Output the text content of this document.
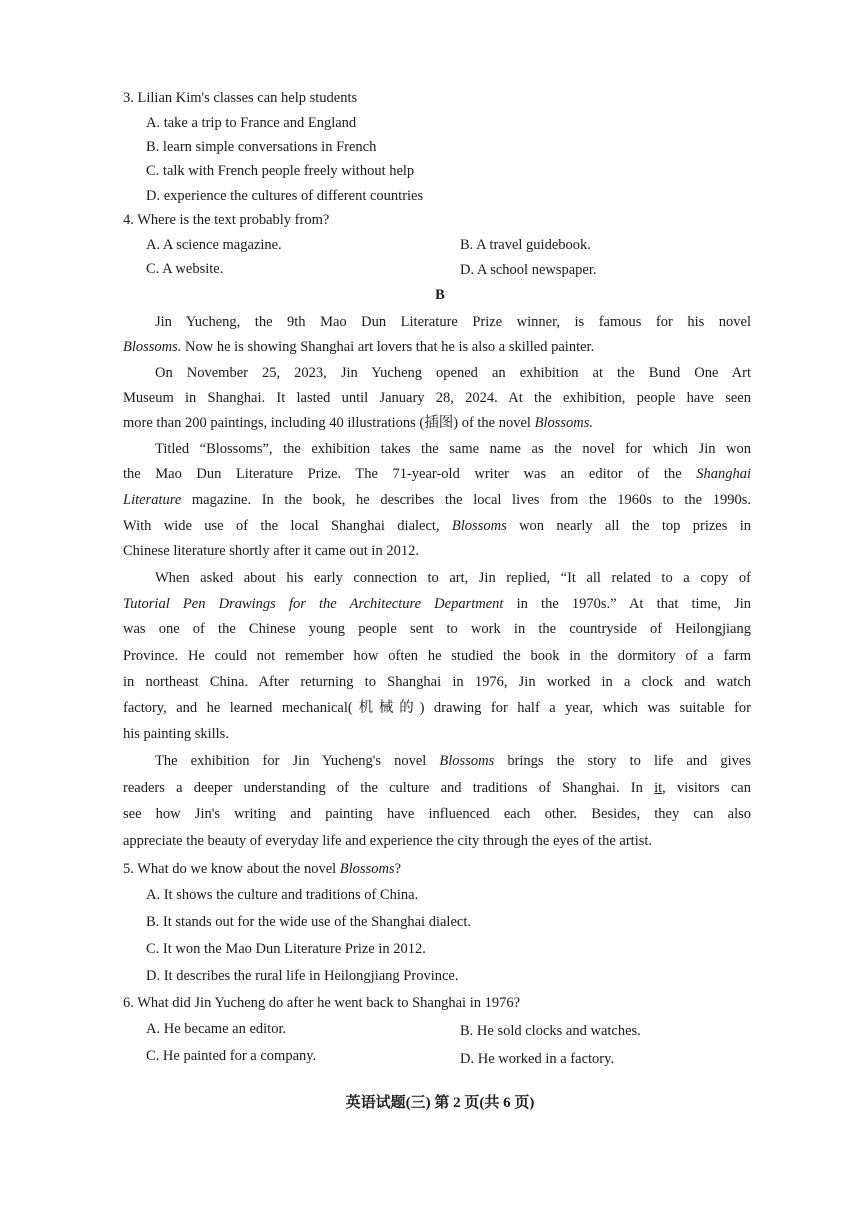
3. Lilian Kim's classes can help students
A. take a trip to France and England
B. learn simple conversations in French
C. talk with French people freely without help
D. experience the cultures of different countries
4. Where is the text probably from?
A. A science magazine.	B. A travel guidebook.
C. A website.	D. A school newspaper.
B
Jin Yucheng, the 9th Mao Dun Literature Prize winner, is famous for his novel
Blossoms. Now he is showing Shanghai art lovers that he is also a skilled painter.
On November 25, 2023, Jin Yucheng opened an exhibition at the Bund One Art
Museum in Shanghai. It lasted until January 28, 2024. At the exhibition, people have seen
more than 200 paintings, including 40 illustrations (插图) of the novel Blossoms.
Titled “Blossoms”, the exhibition takes the same name as the novel for which Jin won
the Mao Dun Literature Prize. The 71-year-old writer was an editor of the Shanghai
Literature magazine. In the book, he describes the local lives from the 1960s to the 1990s.
With wide use of the local Shanghai dialect, Blossoms won nearly all the top prizes in
Chinese literature shortly after it came out in 2012.
When asked about his early connection to art, Jin replied, “It all related to a copy of
Tutorial Pen Drawings for the Architecture Department in the 1970s.” At that time, Jin
was one of the Chinese young people sent to work in the countryside of Heilongjiang
Province. He could not remember how often he studied the book in the dormitory of a farm
in northeast China. After returning to Shanghai in 1976, Jin worked in a clock and watch
factory, and he learned mechanical(机械的) drawing for half a year, which was suitable for
his painting skills.
The exhibition for Jin Yucheng's novel Blossoms brings the story to life and gives
readers a deeper understanding of the culture and traditions of Shanghai. In it, visitors can
see how Jin's writing and painting have influenced each other. Besides, they can also
appreciate the beauty of everyday life and experience the city through the eyes of the artist.
5. What do we know about the novel Blossoms?
A. It shows the culture and traditions of China.
B. It stands out for the wide use of the Shanghai dialect.
C. It won the Mao Dun Literature Prize in 2012.
D. It describes the rural life in Heilongjiang Province.
6. What did Jin Yucheng do after he went back to Shanghai in 1976?
A. He became an editor.	B. He sold clocks and watches.
C. He painted for a company.	D. He worked in a factory.
英语试题(三) 第 2 页(共 6 页)
